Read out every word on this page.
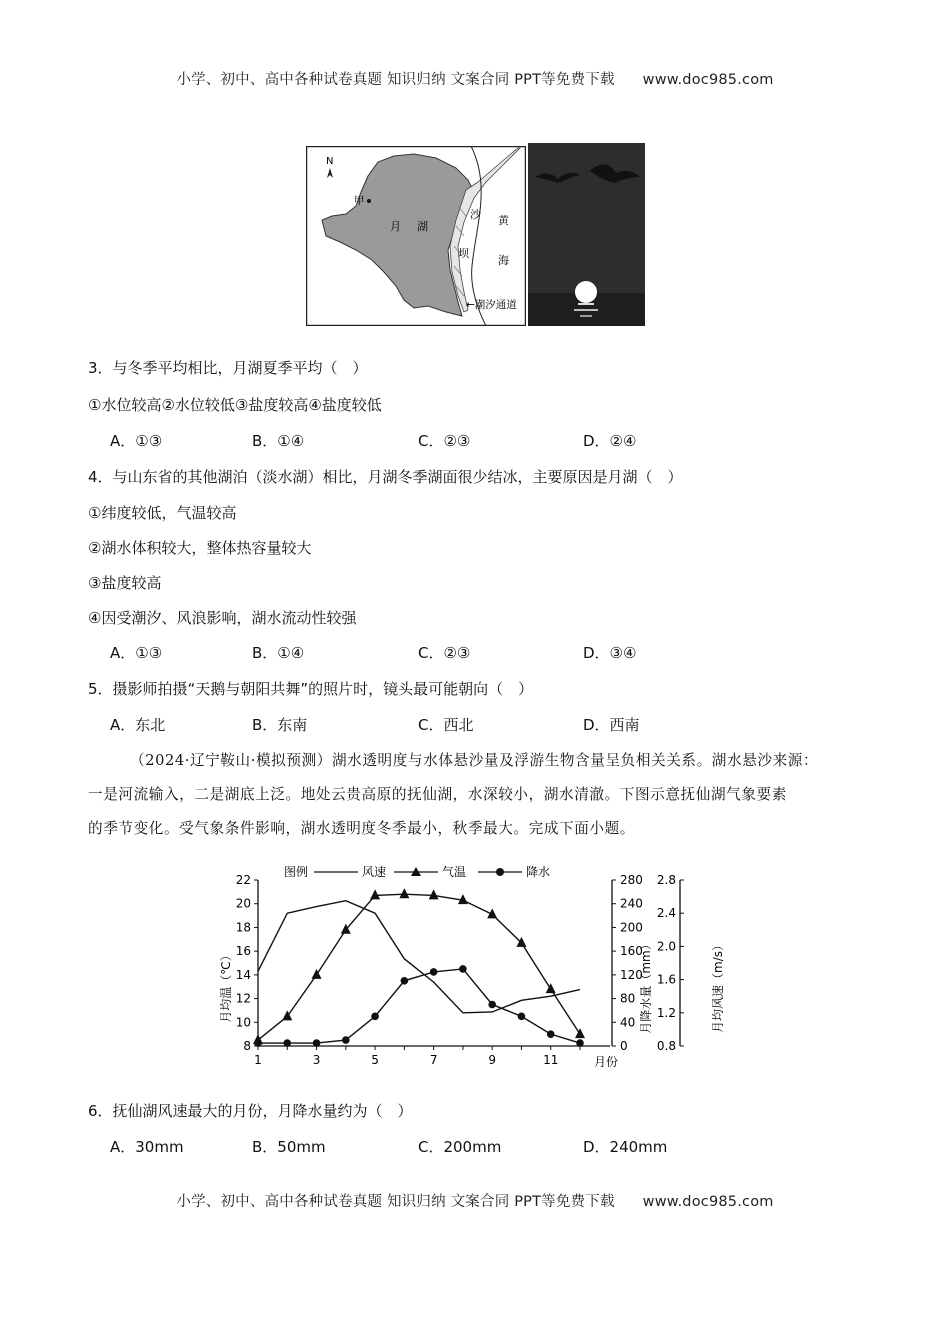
小学、初中、高中各种试卷真题 知识归纳 文案合同 PPT等免费下载 www.doc985.com
N
甲
月 湖
沙
坝
黄
海
←潮汐通道
3．与冬季平均相比，月湖夏季平均（　）
①水位较高②水位较低③盐度较高④盐度较低
A．①③	B．①④	C．②③	D．②④
4．与山东省的其他湖泊（淡水湖）相比，月湖冬季湖面很少结冰，主要原因是月湖（　）
①纬度较低，气温较高
②湖水体积较大，整体热容量较大
③盐度较高
④因受潮汐、风浪影响，湖水流动性较强
A．①③	B．①④	C．②③	D．③④
5．摄影师拍摄“天鹅与朝阳共舞”的照片时，镜头最可能朝向（　）
A．东北	B．东南	C．西北	D．西南
（2024·辽宁鞍山·模拟预测）湖水透明度与水体悬沙量及浮游生物含量呈负相关关系。湖水悬沙来源：
一是河流输入，二是湖底上泛。地处云贵高原的抚仙湖，水深较小，湖水清澈。下图示意抚仙湖气象要素
的季节变化。受气象条件影响，湖水透明度冬季最小，秋季最大。完成下面小题。
图例	风速	气温	降水
月均温（℃）	月降水量（mm）	月均风速（m/s）
月份
8
10
12
14
16
18
20
22
0
40
80
120
160
200
240
280
0.8
1.2
1.6
2.0
2.4
2.8
1	3	5	7	9	11
6．抚仙湖风速最大的月份，月降水量约为（　）
A．30mm	B．50mm	C．200mm	D．240mm
小学、初中、高中各种试卷真题 知识归纳 文案合同 PPT等免费下载 www.doc985.com
